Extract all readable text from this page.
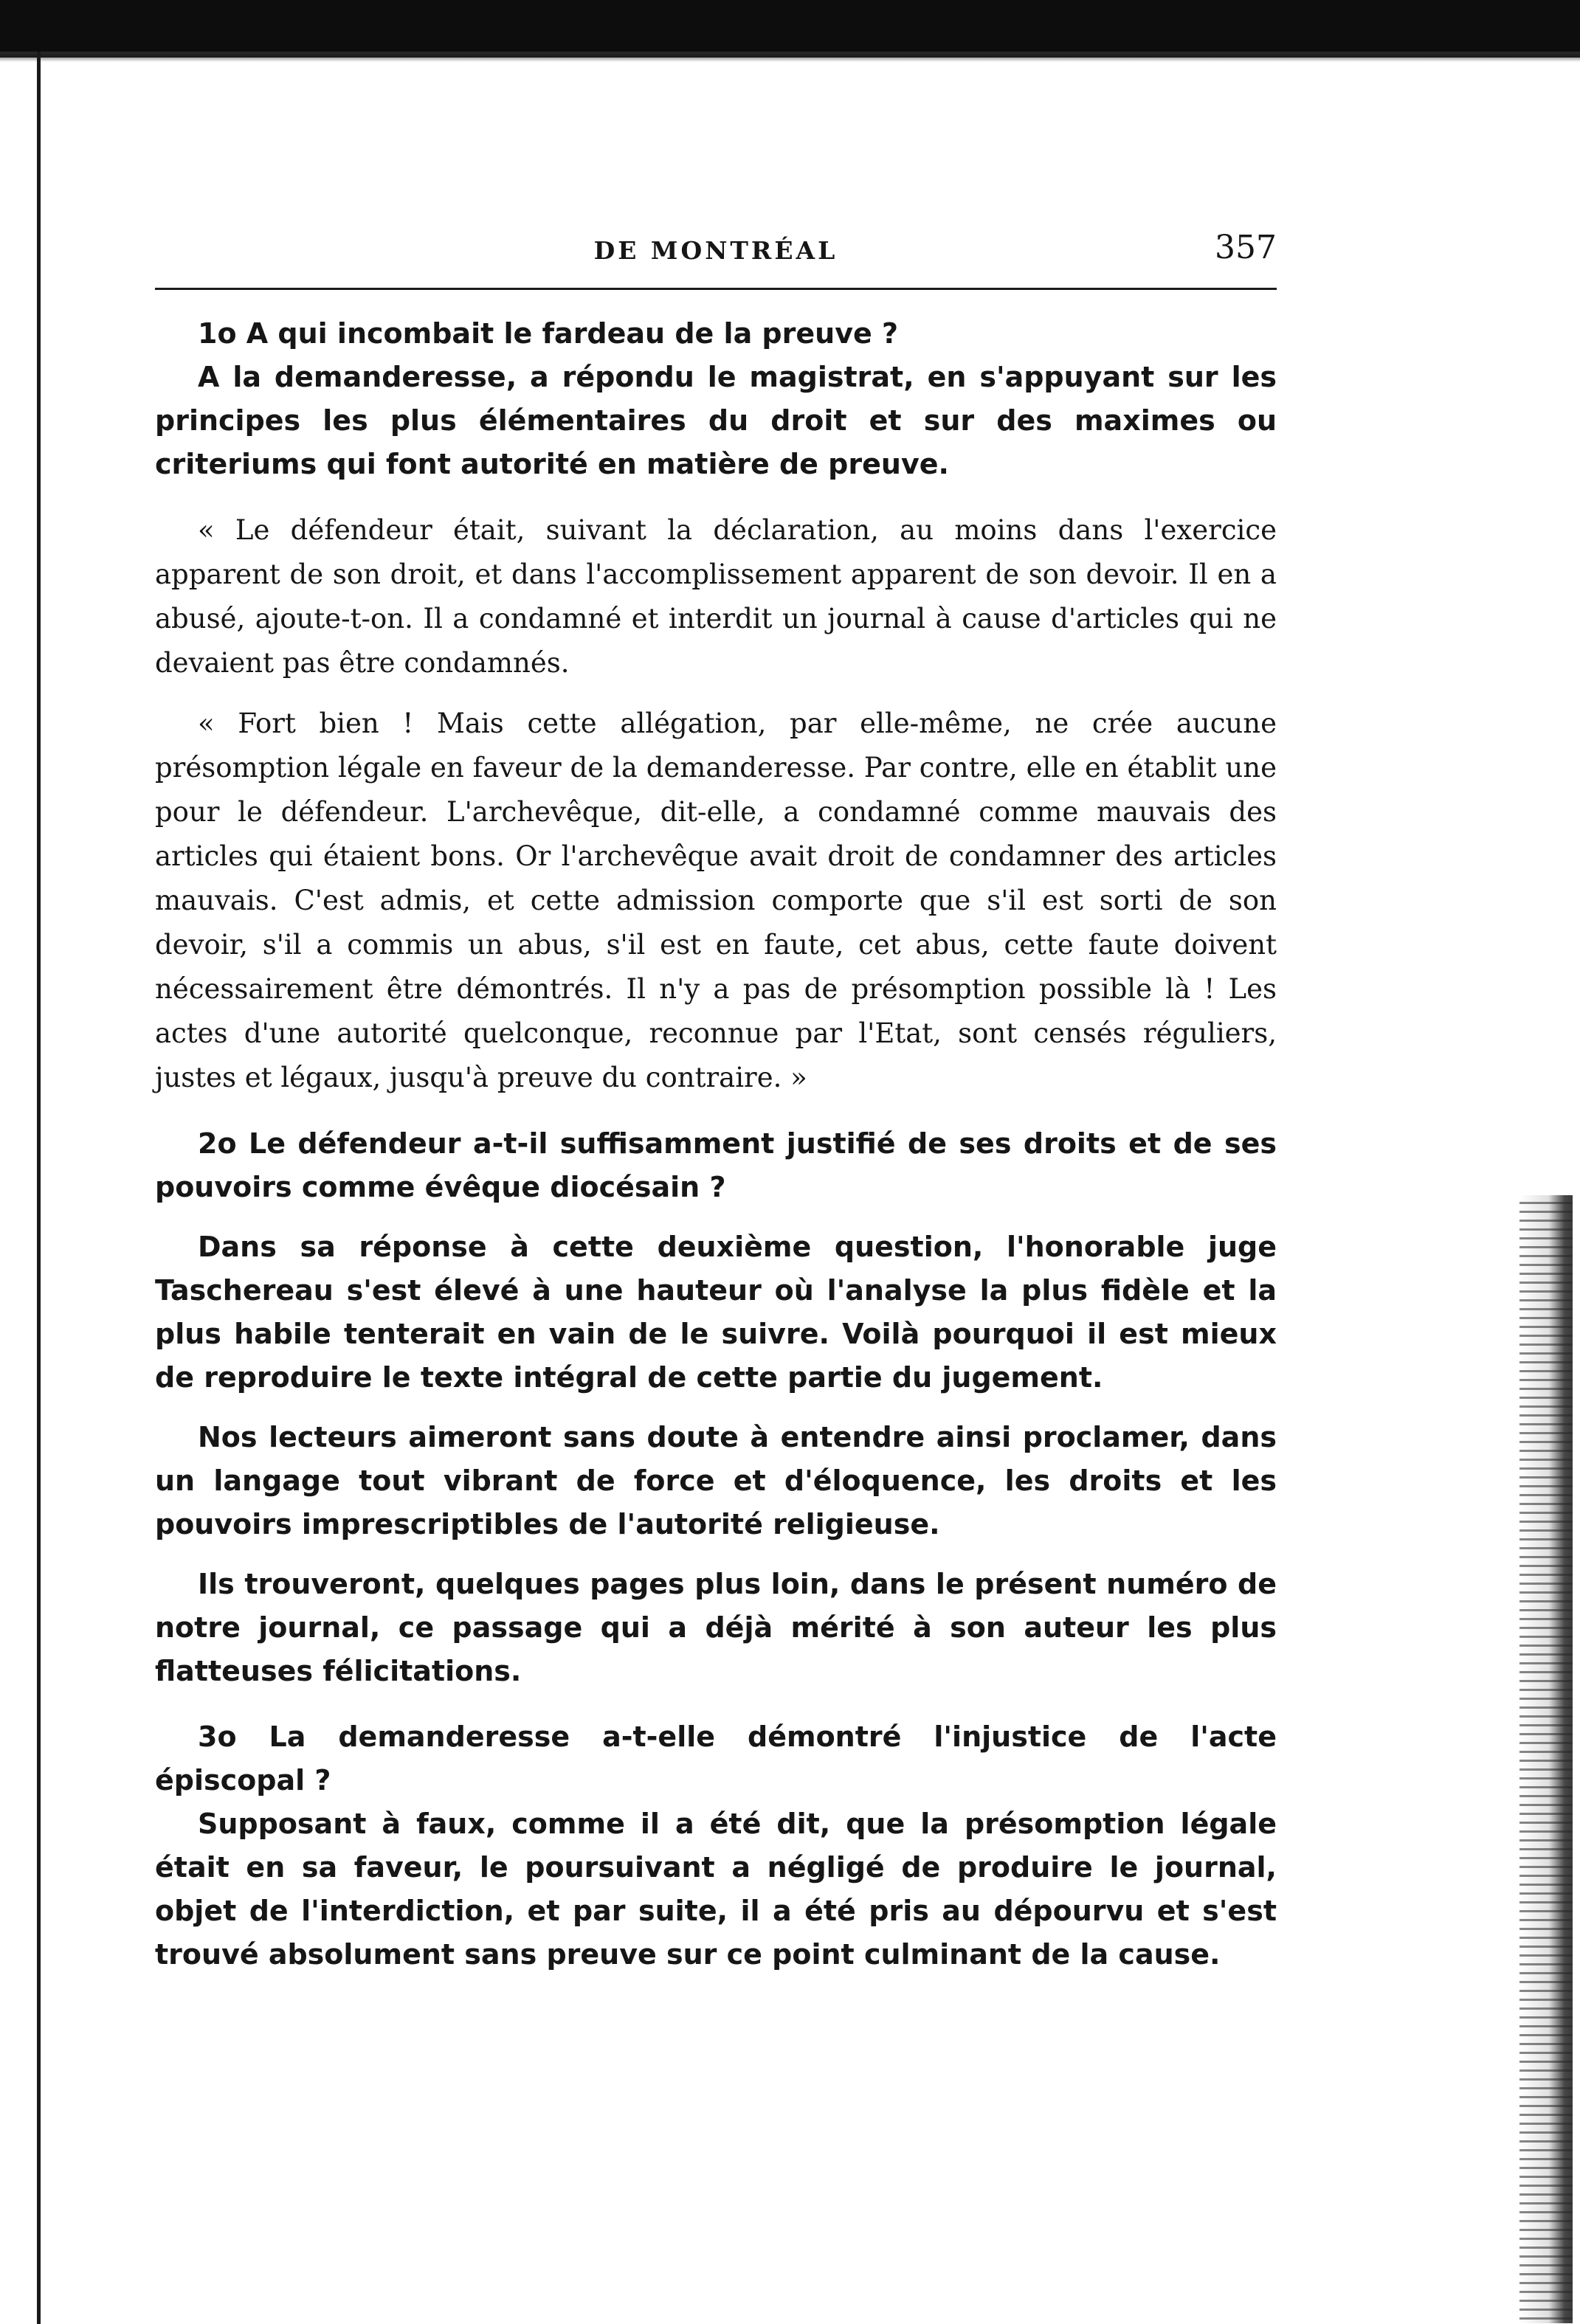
DE MONTRÉAL	357

1o A qui incombait le fardeau de la preuve ?

A la demanderesse, a répondu le magistrat, en s'appuyant sur les principes les plus élémentaires du droit et sur des maximes ou criteriums qui font autorité en matière de preuve.

« Le défendeur était, suivant la déclaration, au moins dans l'exercice apparent de son droit, et dans l'accomplissement apparent de son devoir. Il en a abusé, ajoute-t-on. Il a condamné et interdit un journal à cause d'articles qui ne devaient pas être condamnés.

« Fort bien ! Mais cette allégation, par elle-même, ne crée aucune présomption légale en faveur de la demanderesse. Par contre, elle en établit une pour le défendeur. L'archevêque, dit-elle, a condamné comme mauvais des articles qui étaient bons. Or l'archevêque avait droit de condamner des articles mauvais. C'est admis, et cette admission comporte que s'il est sorti de son devoir, s'il a commis un abus, s'il est en faute, cet abus, cette faute doivent nécessairement être démontrés. Il n'y a pas de présomption possible là ! Les actes d'une autorité quelconque, reconnue par l'Etat, sont censés réguliers, justes et légaux, jusqu'à preuve du contraire. »

2o Le défendeur a-t-il suffisamment justifié de ses droits et de ses pouvoirs comme évêque diocésain ?

Dans sa réponse à cette deuxième question, l'honorable juge Taschereau s'est élevé à une hauteur où l'analyse la plus fidèle et la plus habile tenterait en vain de le suivre. Voilà pourquoi il est mieux de reproduire le texte intégral de cette partie du jugement.

Nos lecteurs aimeront sans doute à entendre ainsi proclamer, dans un langage tout vibrant de force et d'éloquence, les droits et les pouvoirs imprescriptibles de l'autorité religieuse.

Ils trouveront, quelques pages plus loin, dans le présent numéro de notre journal, ce passage qui a déjà mérité à son auteur les plus flatteuses félicitations.

3o La demanderesse a-t-elle démontré l'injustice de l'acte épiscopal ?

Supposant à faux, comme il a été dit, que la présomption légale était en sa faveur, le poursuivant a négligé de produire le journal, objet de l'interdiction, et par suite, il a été pris au dépourvu et s'est trouvé absolument sans preuve sur ce point culminant de la cause.
